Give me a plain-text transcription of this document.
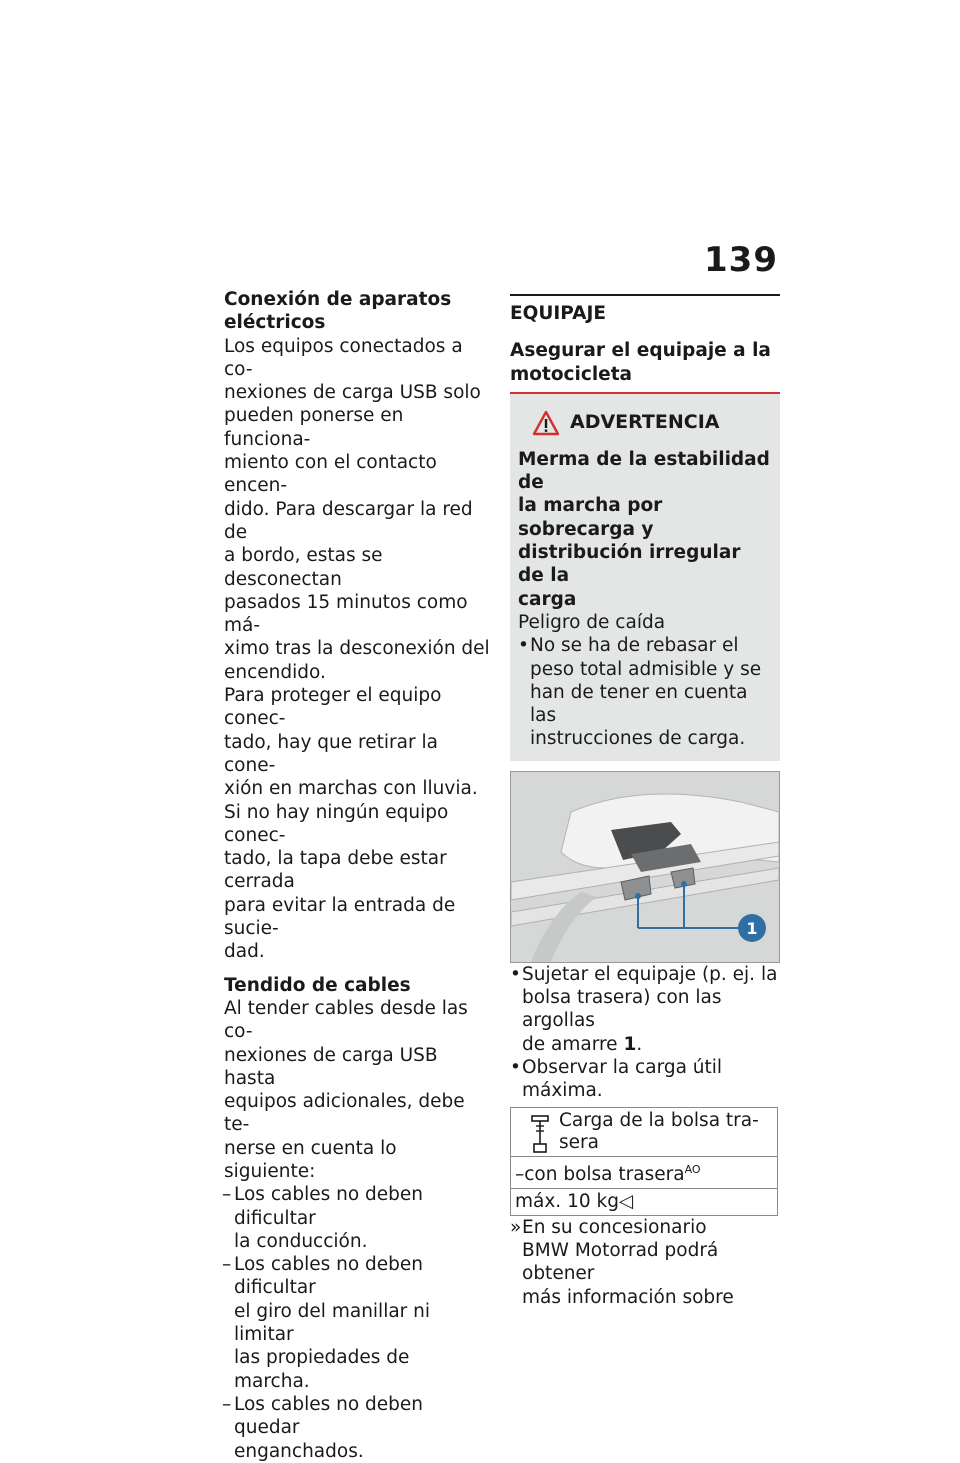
139
Conexión de aparatos
eléctricos
Los equipos conectados a co-
nexiones de carga USB solo
pueden ponerse en funciona-
miento con el contacto encen-
dido. Para descargar la red de
a bordo, estas se desconectan
pasados 15 minutos como má-
ximo tras la desconexión del
encendido.
Para proteger el equipo conec-
tado, hay que retirar la cone-
xión en marchas con lluvia.
Si no hay ningún equipo conec-
tado, la tapa debe estar cerrada
para evitar la entrada de sucie-
dad.
Tendido de cables
Al tender cables desde las co-
nexiones de carga USB hasta
equipos adicionales, debe te-
nerse en cuenta lo siguiente:
– Los cables no deben dificultar
la conducción.
– Los cables no deben dificultar
el giro del manillar ni limitar
las propiedades de marcha.
– Los cables no deben quedar
enganchados.
EQUIPAJE
Asegurar el equipaje a la
motocicleta
ADVERTENCIA
Merma de la estabilidad de
la marcha por sobrecarga y
distribución irregular de la
carga
Peligro de caída
• No se ha de rebasar el
peso total admisible y se
han de tener en cuenta las
instrucciones de carga.
1
• Sujetar el equipaje (p. ej. la
bolsa trasera) con las argollas
de amarre 1.
• Observar la carga útil máxima.
Carga de la bolsa tra-
sera

–con bolsa trasera$^{AO}$
máx. 10 kg◁
» En su concesionario
BMW Motorrad podrá obtener
más información sobre
